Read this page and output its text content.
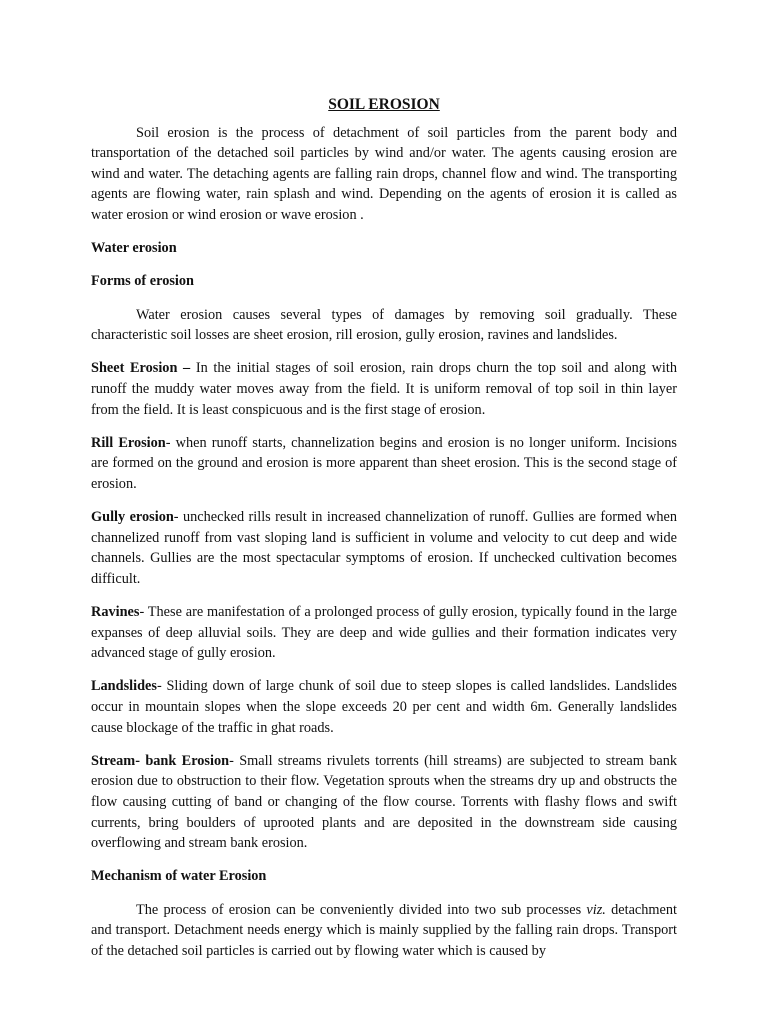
SOIL EROSION

Soil erosion is the process of detachment of soil particles from the parent body and transportation of the detached soil particles by wind and/or water. The agents causing erosion are wind and water. The detaching agents are falling rain drops, channel flow and wind. The transporting agents are flowing water, rain splash and wind. Depending on the agents of erosion it is called as water erosion or wind erosion or wave erosion .

Water erosion
Forms of erosion

Water erosion causes several types of damages by removing soil gradually. These characteristic soil losses are sheet erosion, rill erosion, gully erosion, ravines and landslides.

Sheet Erosion – In the initial stages of soil erosion, rain drops churn the top soil and along with runoff the muddy water moves away from the field. It is uniform removal of top soil in thin layer from the field. It is least conspicuous and is the first stage of erosion.

Rill Erosion- when runoff starts, channelization begins and erosion is no longer uniform. Incisions are formed on the ground and erosion is more apparent than sheet erosion. This is the second stage of erosion.

Gully erosion- unchecked rills result in increased channelization of runoff. Gullies are formed when channelized runoff from vast sloping land is sufficient in volume and velocity to cut deep and wide channels. Gullies are the most spectacular symptoms of erosion. If unchecked cultivation becomes difficult.

Ravines- These are manifestation of a prolonged process of gully erosion, typically found in the large expanses of deep alluvial soils. They are deep and wide gullies and their formation indicates very advanced stage of gully erosion.

Landslides- Sliding down of large chunk of soil due to steep slopes is called landslides. Landslides occur in mountain slopes when the slope exceeds 20 per cent and width 6m. Generally landslides cause blockage of the traffic in ghat roads.

Stream- bank Erosion- Small streams rivulets torrents (hill streams) are subjected to stream bank erosion due to obstruction to their flow. Vegetation sprouts when the streams dry up and obstructs the flow causing cutting of band or changing of the flow course. Torrents with flashy flows and swift currents, bring boulders of uprooted plants and are deposited in the downstream side causing overflowing and stream bank erosion.

Mechanism of water Erosion

The process of erosion can be conveniently divided into two sub processes viz. detachment and transport. Detachment needs energy which is mainly supplied by the falling rain drops. Transport of the detached soil particles is carried out by flowing water which is caused by
